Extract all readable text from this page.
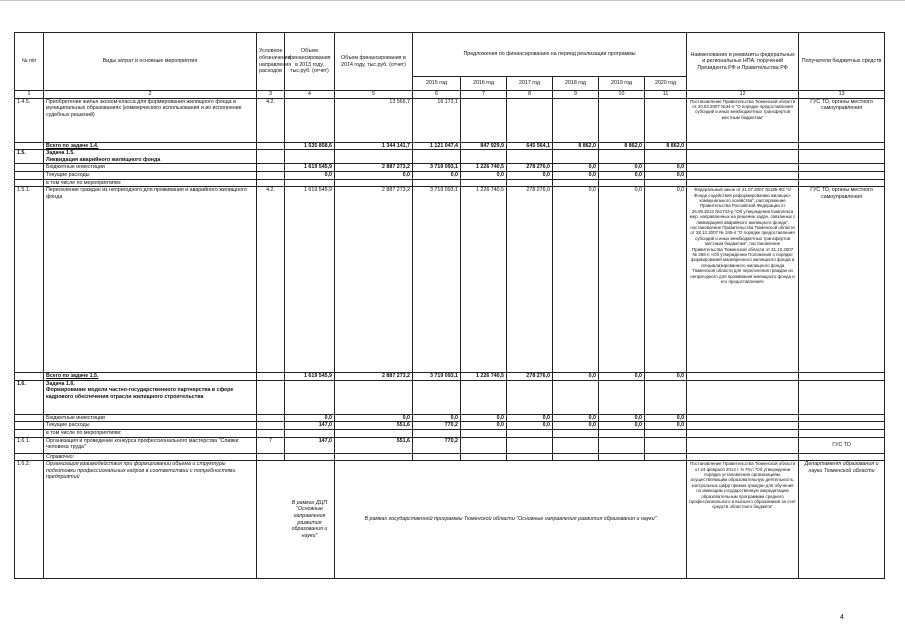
№ п/п	Виды затрат и основные мероприятия	Условное обозначение направления расходов	Объем финансирования в 2013 году, тыс.руб. (отчет)	Объем финансирования в 2014 году, тыс.руб. (отчет)	Предложения по финансированию на период реализации программы						Наименование и реквизиты федеральных и региональных НПА, поручений Президента РФ и Правительства РФ	Получатели бюджетных средств
					2015 год	2016 год	2017 год	2018 год	2019 год	2020 год		
1	2	3	4	5	6	7	8	9	10	11	12	13
1.4.5.	Приобретение жилья эконом-класса для формирования жилищного фонда в муниципальных образованиях (коммерческого использования и во исполнение судебных решений)	4.2.		13 566,7	16 172,1						Постановление Правительства Тюменской области от 20.02.2007 №34-п "О порядке предоставления субсидий и иных межбюджетных трансфертов местным бюджетам"	ГУС ТО, органы местного самоуправления
	Всего по задаче 1.4.		1 535 858,6	1 344 141,7	1 121 047,4	847 929,9	645 564,1	8 862,0	8 862,0	8 862,0		
1.5.	Задача 1.5.
Ликвидация аварийного жилищного фонда											

	Бюджетные инвестиции		1 619 545,9	2 887 273,2	3 719 093,1	1 226 740,5	278 276,0	0,0	0,0	0,0		
	Текущие расходы		0,0	0,0	0,0	0,0	0,0	0,0	0,0	0,0		
	в том числе по мероприятиям:											
1.5.1.	Переселение граждан из непригодного для проживания и аварийного жилищного фонда	4.2.	1 619 545,9	2 887 273,2	3 719 093,1	1 226 740,5	278 276,0	0,0	0,0	0,0	Федеральный закон от 21.07.2007 №185-ФЗ "О Фонде содействия реформированию жилищно-коммунального хозяйства", распоряжение Правительства Российской Федерации от 26.09.2013 №1743-р "Об утверждении Комплекса мер, направленных на решение задач, связанных с ликвидацией аварийного жилищного фонда", постановление Правительства Тюменской области от 28.12.2007 № 345-п "О порядке предоставления субсидий и иных межбюджетных трансфертов местным бюджетам", постановление Правительства Тюменской области от 31.10.2007 № 266-п «Об утверждении Положения о порядке формирования маневренного жилищного фонда и специализированного жилищного фонда Тюменской области для переселения граждан из непригодного для проживания жилищного фонда и его предоставления»	ГУС ТО, органы местного самоуправления
	Всего по задаче 1.5.		1 619 545,9	2 887 273,2	3 719 093,1	1 226 740,5	278 276,0	0,0	0,0	0,0		
1.6.	Задача 1.6.
Формирование модели частно-государственного партнерства в сфере кадрового обеспечения отрасли жилищного строительства											

	Бюджетные инвестиции		0,0	0,0	0,0	0,0	0,0	0,0	0,0	0,0		
	Текущие расходы		147,0	551,6	770,2	0,0	0,0	0,0	0,0	0,0		
	в том числе по мероприятиям:											
1.6.1.	Организация и проведение конкурса профессионального мастерства "Сливки человека труда"	7	147,0	551,6	770,2							ГУС ТО
	Справочно:											
1.6.2.	Организация взаимодействия при формировании объема и структуры подготовки профессиональных кадров в соответствии с потребностями предприятий	В рамках ДЦП "Основные направления развития образования и науки"		В рамках государственной программы Тюменской области "Основные направления развития образования и науки"							Постановление Правительства Тюменской области от 24 февраля 2014 г. N 79-п "Об утверждении порядка установления организациям, осуществляющим образовательную деятельность, контрольных цифр приема граждан для обучения по имеющим государственную аккредитацию образовательным программам среднего профессионального и высшего образования за счет средств областного бюджета"	Департамент образования и науки Тюменской области
4
